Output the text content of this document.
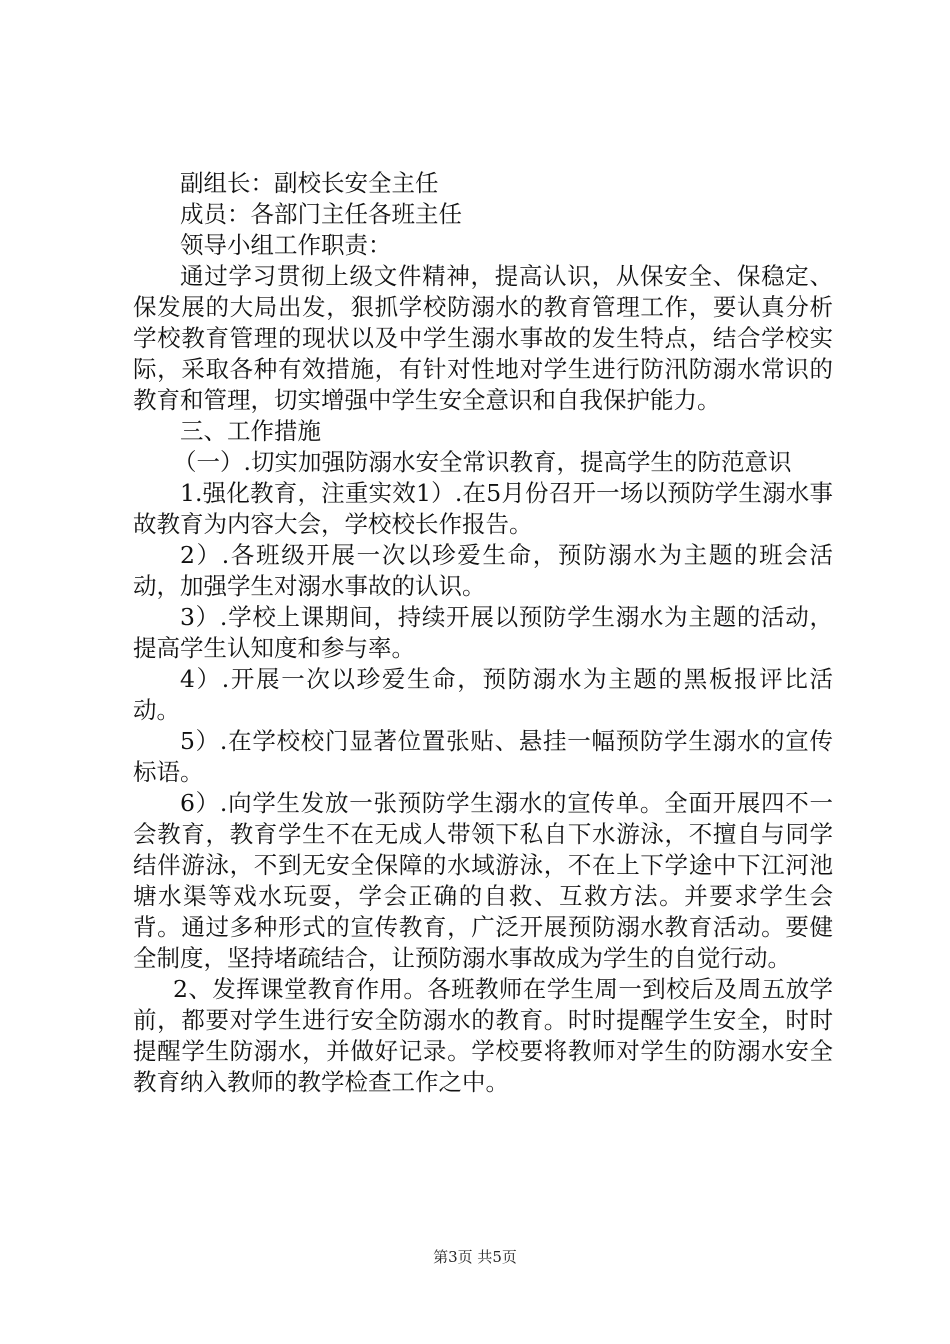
副组长：副校长安全主任

成员：各部门主任各班主任

领导小组工作职责：

通过学习贯彻上级文件精神，提高认识，从保安全、保稳定、保发展的大局出发，狠抓学校防溺水的教育管理工作，要认真分析学校教育管理的现状以及中学生溺水事故的发生特点，结合学校实际，采取各种有效措施，有针对性地对学生进行防汛防溺水常识的教育和管理，切实增强中学生安全意识和自我保护能力。

三、工作措施

（一）.切实加强防溺水安全常识教育，提高学生的防范意识

1.强化教育，注重实效1）.在5月份召开一场以预防学生溺水事故教育为内容大会，学校校长作报告。

2）.各班级开展一次以珍爱生命，预防溺水为主题的班会活动，加强学生对溺水事故的认识。

3）.学校上课期间，持续开展以预防学生溺水为主题的活动，提高学生认知度和参与率。

4）.开展一次以珍爱生命，预防溺水为主题的黑板报评比活动。

5）.在学校校门显著位置张贴、悬挂一幅预防学生溺水的宣传标语。

6）.向学生发放一张预防学生溺水的宣传单。全面开展四不一会教育，教育学生不在无成人带领下私自下水游泳，不擅自与同学结伴游泳，不到无安全保障的水域游泳，不在上下学途中下江河池塘水渠等戏水玩耍，学会正确的自救、互救方法。并要求学生会背。通过多种形式的宣传教育，广泛开展预防溺水教育活动。要健全制度，坚持堵疏结合，让预防溺水事故成为学生的自觉行动。

2、发挥课堂教育作用。各班教师在学生周一到校后及周五放学前，都要对学生进行安全防溺水的教育。时时提醒学生安全，时时提醒学生防溺水，并做好记录。学校要将教师对学生的防溺水安全教育纳入教师的教学检查工作之中。

第3页 共5页
